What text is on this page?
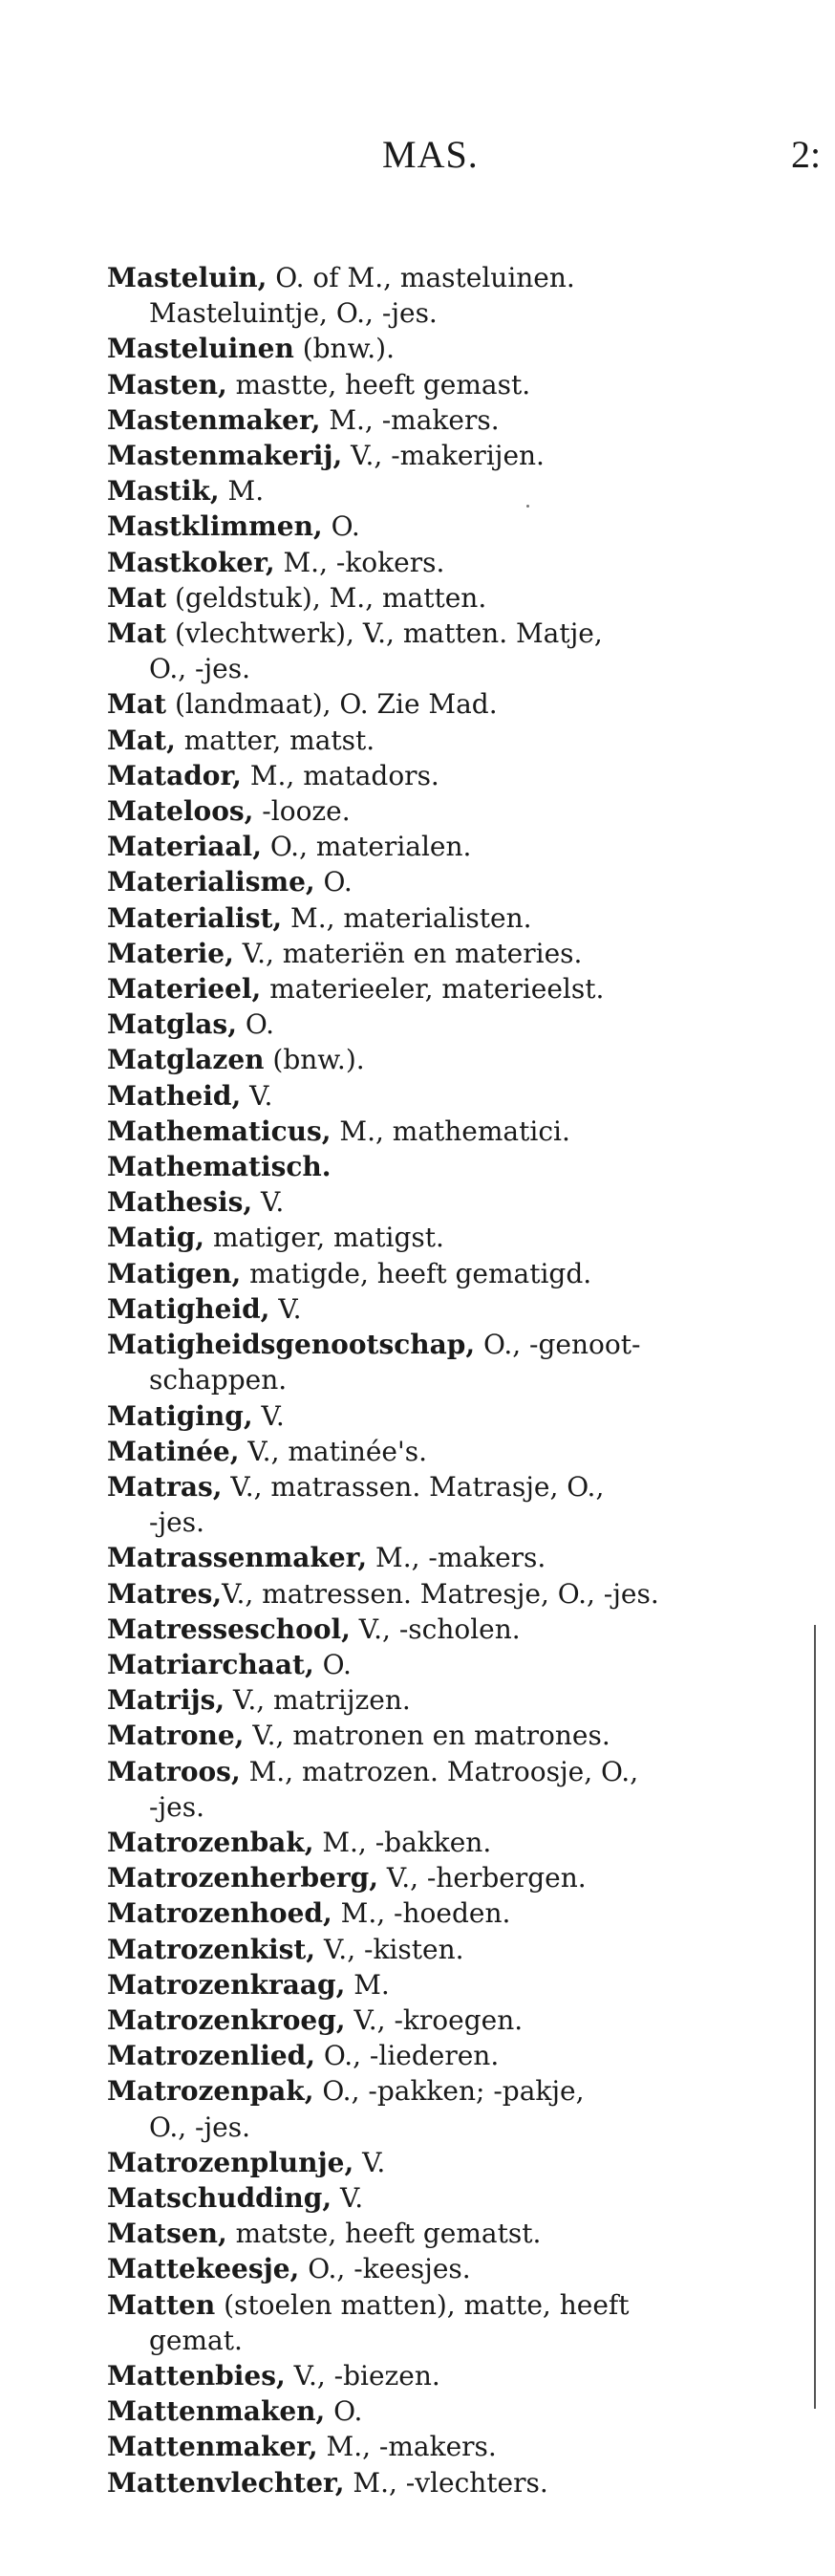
MAS.	2:
Masteluin, O. of M., masteluinen.
Masteluintje, O., -jes.
Masteluinen (bnw.).
Masten, mastte, heeft gemast.
Mastenmaker, M., -makers.
Mastenmakerij, V., -makerijen.
Mastik, M.
Mastklimmen, O.
Mastkoker, M., -kokers.
Mat (geldstuk), M., matten.
Mat (vlechtwerk), V., matten. Matje,
O., -jes.
Mat (landmaat), O. Zie Mad.
Mat, matter, matst.
Matador, M., matadors.
Mateloos, -looze.
Materiaal, O., materialen.
Materialisme, O.
Materialist, M., materialisten.
Materie, V., materiën en materies.
Materieel, materieeler, materieelst.
Matglas, O.
Matglazen (bnw.).
Matheid, V.
Mathematicus, M., mathematici.
Mathematisch.
Mathesis, V.
Matig, matiger, matigst.
Matigen, matigde, heeft gematigd.
Matigheid, V.
Matigheidsgenootschap, O., -genoot-
schappen.
Matiging, V.
Matinée, V., matinée's.
Matras, V., matrassen. Matrasje, O.,
-jes.
Matrassenmaker, M., -makers.
Matres,V., matressen. Matresje, O., -jes.
Matresseschool, V., -scholen.
Matriarchaat, O.
Matrijs, V., matrijzen.
Matrone, V., matronen en matrones.
Matroos, M., matrozen. Matroosje, O.,
-jes.
Matrozenbak, M., -bakken.
Matrozenherberg, V., -herbergen.
Matrozenhoed, M., -hoeden.
Matrozenkist, V., -kisten.
Matrozenkraag, M.
Matrozenkroeg, V., -kroegen.
Matrozenlied, O., -liederen.
Matrozenpak, O., -pakken; -pakje,
O., -jes.
Matrozenplunje, V.
Matschudding, V.
Matsen, matste, heeft gematst.
Mattekeesje, O., -keesjes.
Matten (stoelen matten), matte, heeft
gemat.
Mattenbies, V., -biezen.
Mattenmaken, O.
Mattenmaker, M., -makers.
Mattenvlechter, M., -vlechters.
